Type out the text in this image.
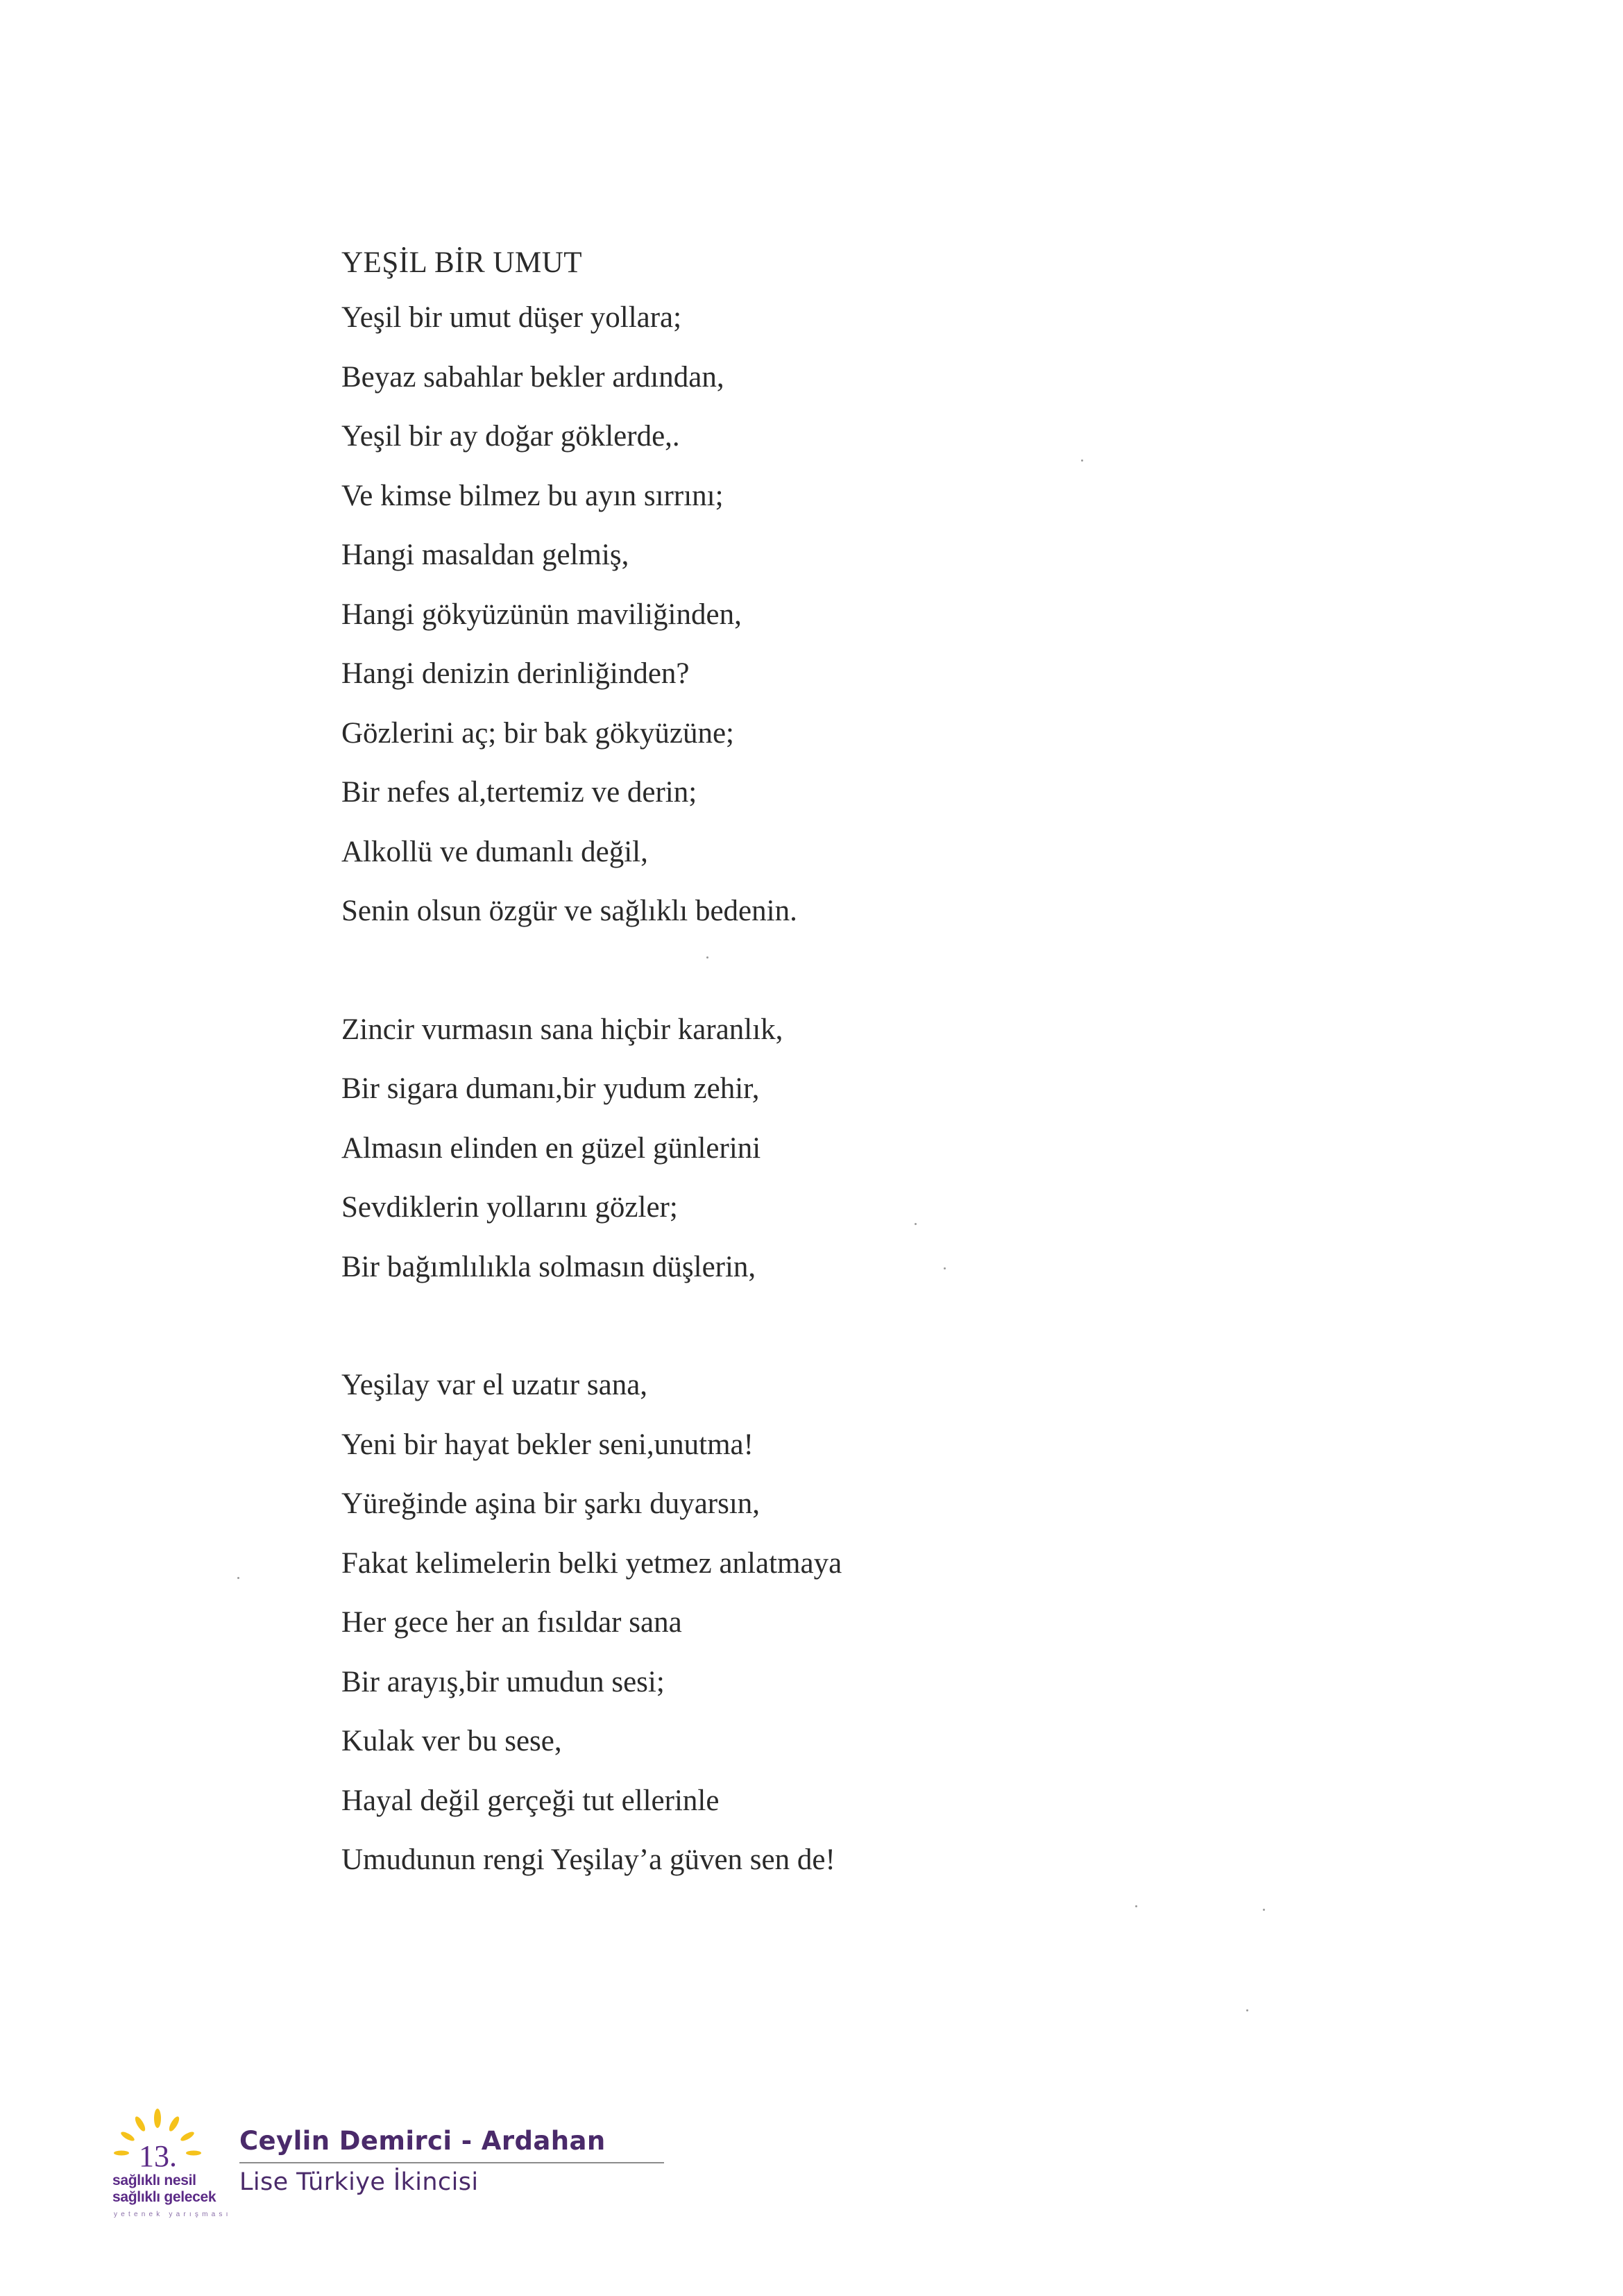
YEŞİL BİR UMUT
Yeşil bir umut düşer yollara;
Beyaz sabahlar bekler ardından,
Yeşil bir ay doğar göklerde,.
Ve kimse bilmez bu ayın sırrını;
Hangi masaldan gelmiş,
Hangi gökyüzünün maviliğinden,
Hangi denizin derinliğinden?
Gözlerini aç; bir bak gökyüzüne;
Bir nefes al,tertemiz ve derin;
Alkollü ve dumanlı değil,
Senin olsun özgür ve sağlıklı bedenin.
Zincir vurmasın sana hiçbir karanlık,
Bir sigara dumanı,bir yudum zehir,
Almasın elinden en güzel günlerini
Sevdiklerin yollarını gözler;
Bir bağımlılıkla solmasın düşlerin,
Yeşilay var el uzatır sana,
Yeni bir hayat bekler seni,unutma!
Yüreğinde aşina bir şarkı duyarsın,
Fakat kelimelerin belki yetmez anlatmaya
Her gece her an fısıldar sana
Bir arayış,bir umudun sesi;
Kulak ver bu sese,
Hayal değil gerçeği tut ellerinle
Umudunun rengi Yeşilay’a güven sen de!
13.
sağlıklı nesil
sağlıklı gelecek
yetenek yarışması
Ceylin Demirci - Ardahan
Lise Türkiye İkincisi
